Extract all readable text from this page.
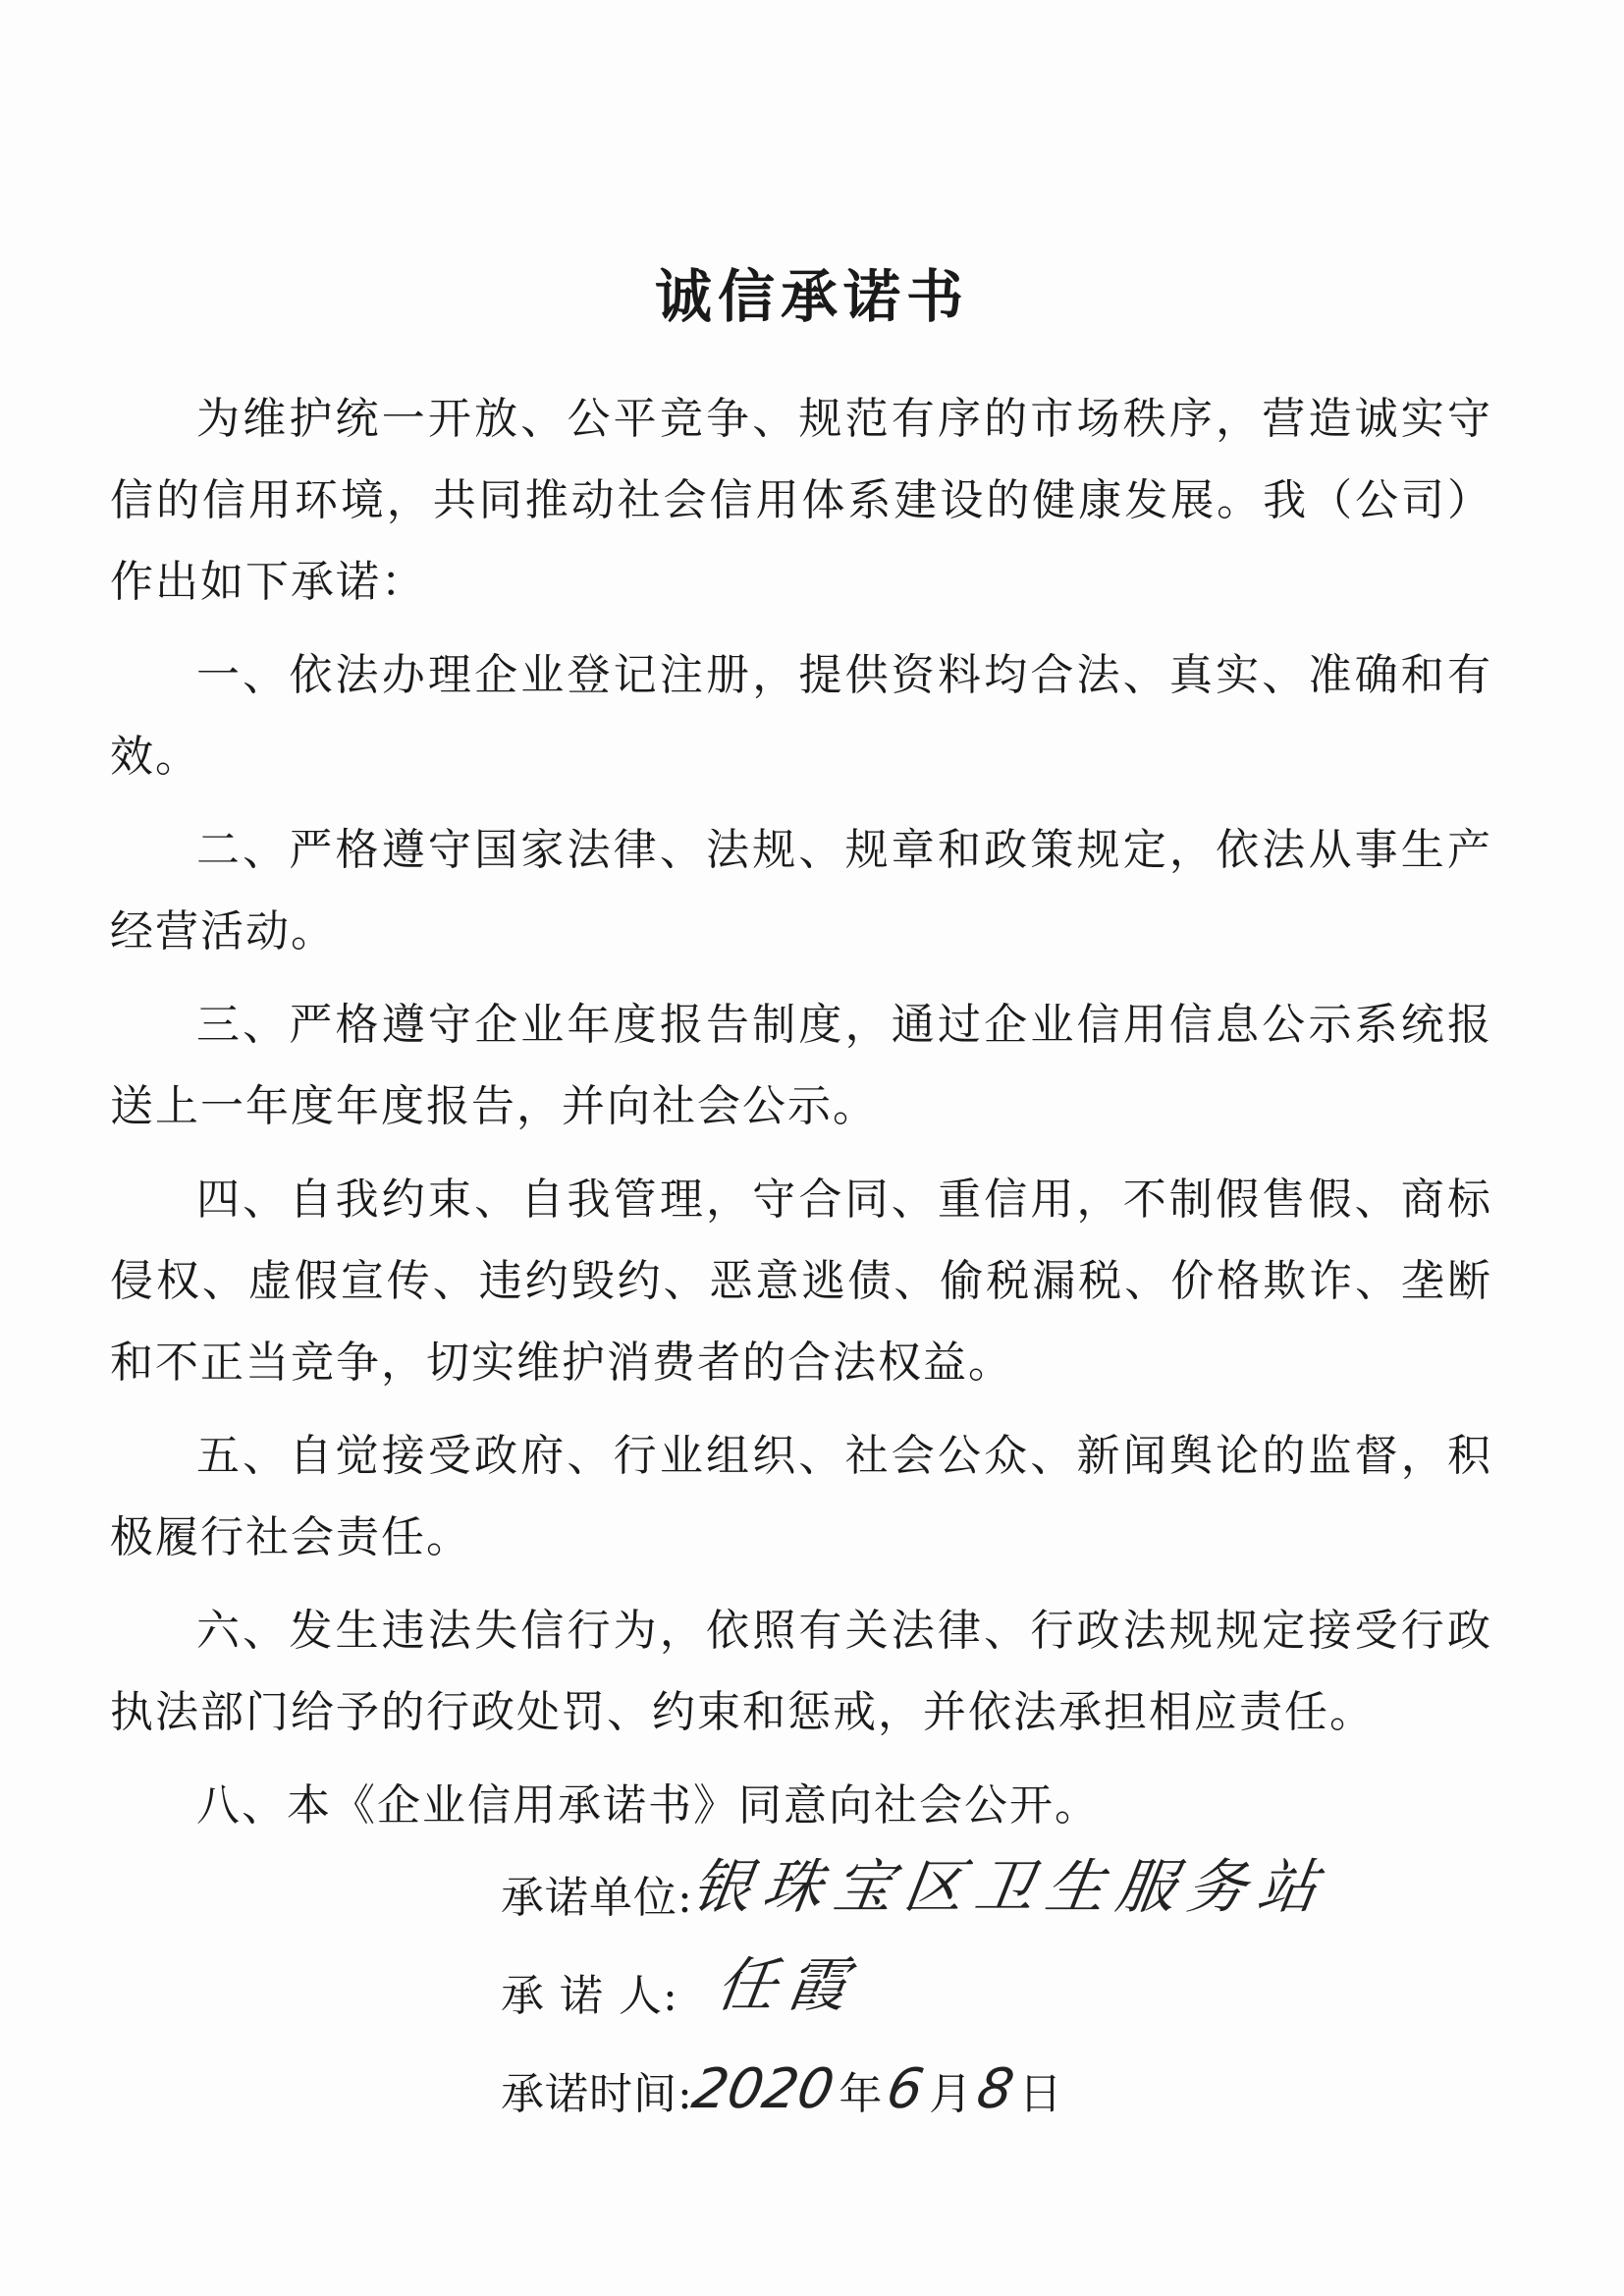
诚信承诺书

为维护统一开放、公平竞争、规范有序的市场秩序，营造诚实守信的信用环境，共同推动社会信用体系建设的健康发展。我（公司）作出如下承诺：

一、依法办理企业登记注册，提供资料均合法、真实、准确和有效。

二、严格遵守国家法律、法规、规章和政策规定，依法从事生产经营活动。

三、严格遵守企业年度报告制度，通过企业信用信息公示系统报送上一年度年度报告，并向社会公示。

四、自我约束、自我管理，守合同、重信用，不制假售假、商标侵权、虚假宣传、违约毁约、恶意逃债、偷税漏税、价格欺诈、垄断和不正当竞争，切实维护消费者的合法权益。

五、自觉接受政府、行业组织、社会公众、新闻舆论的监督，积极履行社会责任。

六、发生违法失信行为，依照有关法律、行政法规规定接受行政执法部门给予的行政处罚、约束和惩戒，并依法承担相应责任。

八、本《企业信用承诺书》同意向社会公开。

承诺单位:
银珠宝区卫生服务站
承 诺 人: 任霞
承诺时间:
2020 年 6 月 8 日
